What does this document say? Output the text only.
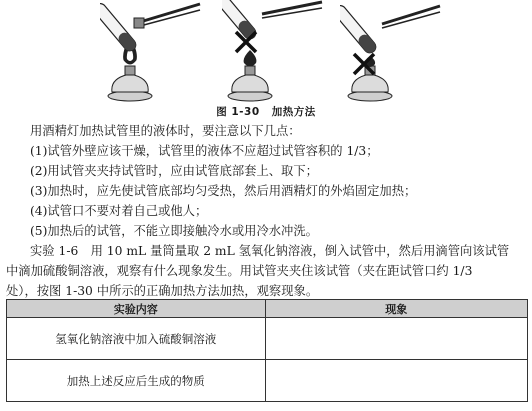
图 1-30 加热方法

用酒精灯加热试管里的液体时，要注意以下几点：

(1)试管外壁应该干燥，试管里的液体不应超过试管容积的 1/3；

(2)用试管夹夹持试管时，应由试管底部套上、取下；

(3)加热时，应先使试管底部均匀受热，然后用酒精灯的外焰固定加热；

(4)试管口不要对着自己或他人；

(5)加热后的试管，不能立即接触冷水或用冷水冲洗。

实验 1-6　用 10 mL 量筒量取 2 mL 氢氧化钠溶液，倒入试管中，然后用滴管向该试管

中滴加硫酸铜溶液，观察有什么现象发生。用试管夹夹住该试管（夹在距试管口约 1/3

处），按图 1-30 中所示的正确加热方法加热，观察现象。

实验内容	现象
氢氧化钠溶液中加入硫酸铜溶液	
加热上述反应后生成的物质	
